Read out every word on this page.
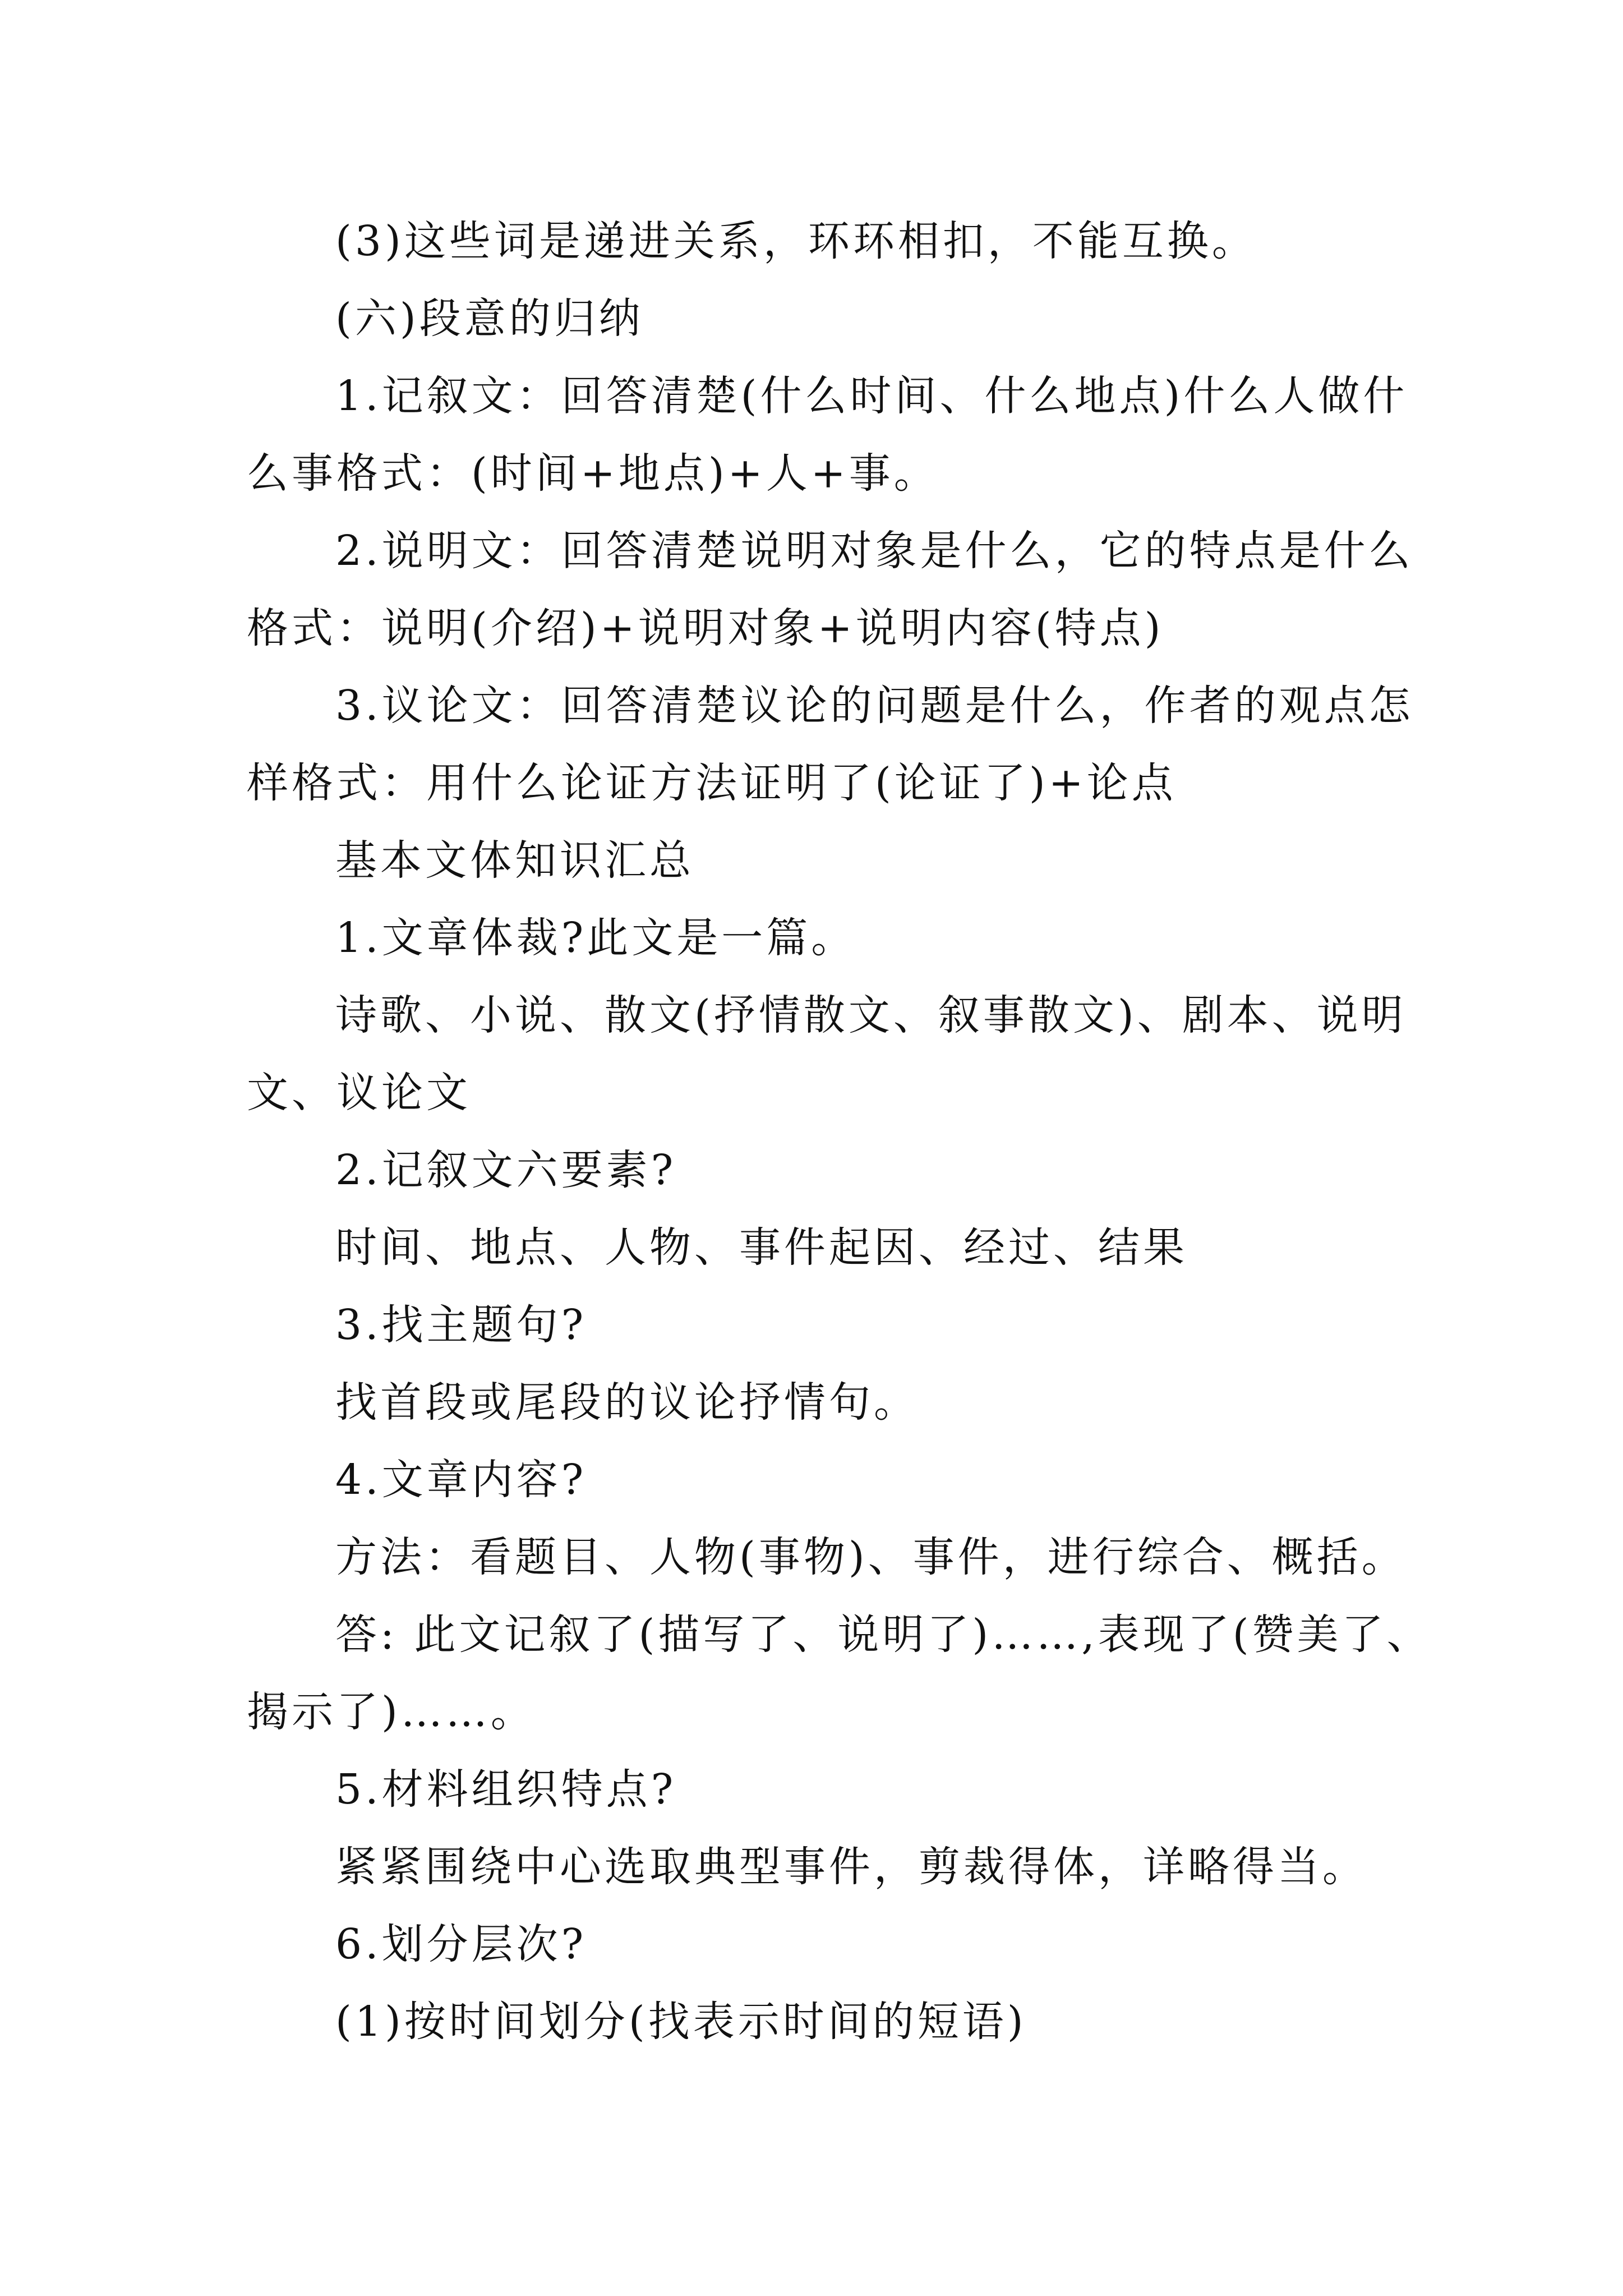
(3)这些词是递进关系，环环相扣，不能互换。
(六)段意的归纳
1.记叙文：回答清楚(什么时间、什么地点)什么人做什
么事格式：(时间+地点)+人+事。
2.说明文：回答清楚说明对象是什么，它的特点是什么
格式：说明(介绍)+说明对象+说明内容(特点)
3.议论文：回答清楚议论的问题是什么，作者的观点怎
样格式：用什么论证方法证明了(论证了)+论点
基本文体知识汇总
1.文章体裁?此文是一篇。
诗歌、小说、散文(抒情散文、叙事散文)、剧本、说明
文、议论文
2.记叙文六要素?
时间、地点、人物、事件起因、经过、结果
3.找主题句?
找首段或尾段的议论抒情句。
4.文章内容?
方法：看题目、人物(事物)、事件，进行综合、概括。
答: 此文记叙了(描写了、说明了)……,表现了(赞美了、
揭示了)……。
5.材料组织特点?
紧紧围绕中心选取典型事件，剪裁得体，详略得当。
6.划分层次?
(1)按时间划分(找表示时间的短语)
